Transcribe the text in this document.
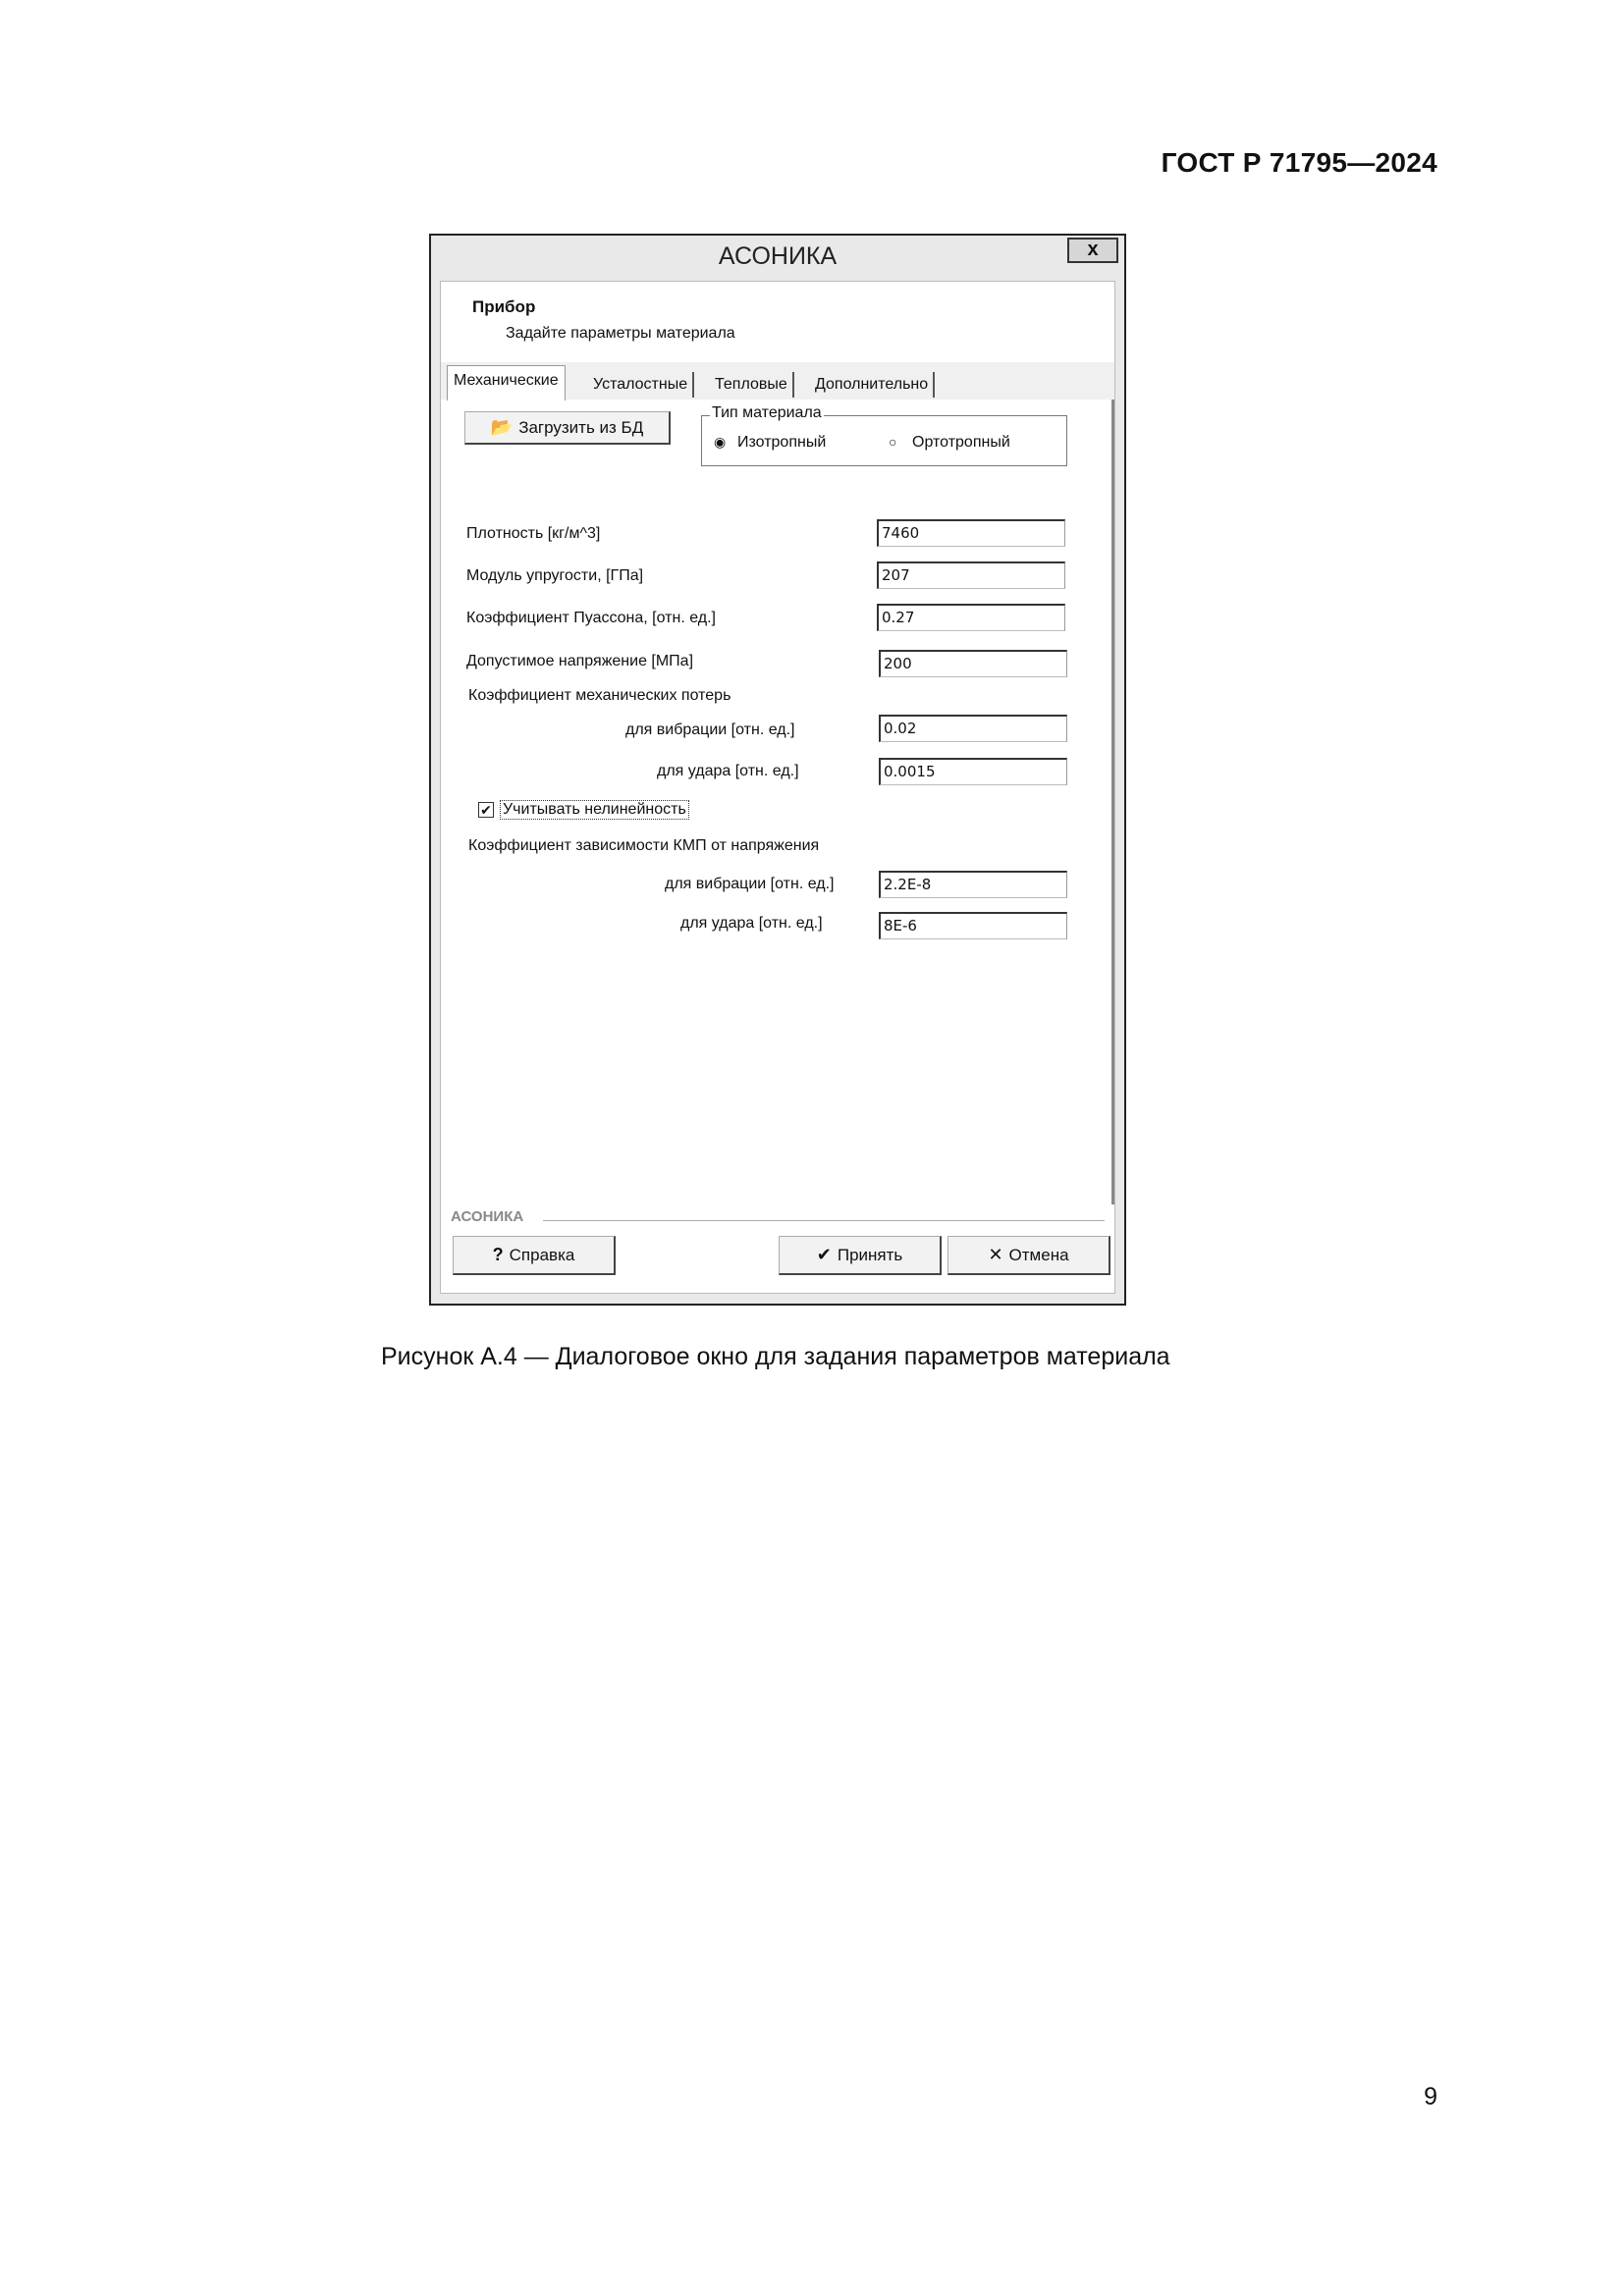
ГОСТ Р 71795—2024
АСОНИКА	x
Прибор
Задайте параметры материала
Механические	Усталостные	Тепловые	Дополнительно
📂 Загрузить из БД
Тип материала
◉ Изотропный	○ Ортотропный
Плотность [кг/м^3]	7460
Модуль упругости, [ГПа]	207
Коэффициент Пуассона, [отн. ед.]	0.27
Допустимое напряжение [МПа]	200
Коэффициент механических потерь
для вибрации [отн. ед.]	0.02
для удара [отн. ед.]	0.0015
✔ Учитывать нелинейность
Коэффициент зависимости КМП от напряжения
для вибрации [отн. ед.]	2.2E-8
для удара [отн. ед.]	8E-6
АСОНИКА
? Справка	✔ Принять	✕ Отмена
Рисунок А.4 — Диалоговое окно для задания параметров материала
9
